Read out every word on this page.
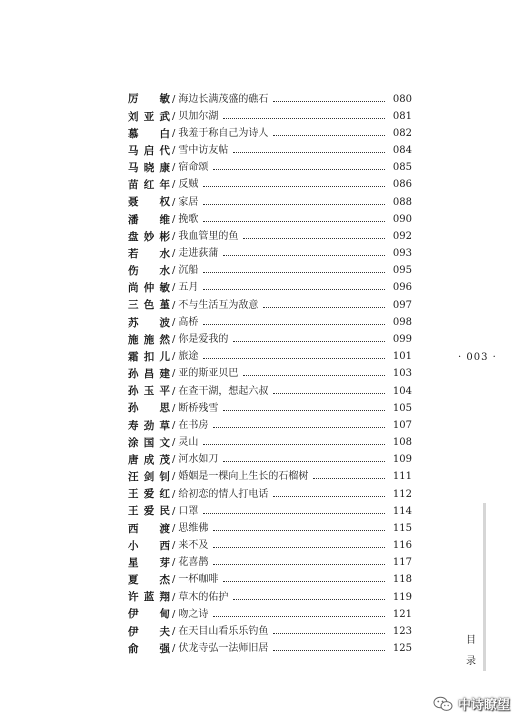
厉 敏 / 海边长满茂盛的礁石	080
刘 亚 武 / 贝加尔湖	081
慕 白 / 我羞于称自己为诗人	082
马 启 代 / 雪中访友帖	084
马 晓 康 / 宿命颂	085
苗 红 年 / 反贼	086
聂 权 / 家居	088
潘 维 / 挽歌	090
盘 妙 彬 / 我血管里的鱼	092
若 水 / 走进荻蒲	093
伤 水 / 沉船	095
尚 仲 敏 / 五月	096
三 色 堇 / 不与生活互为敌意	097
苏 波 / 高桥	098
施 施 然 / 你是爱我的	099
霜 扣 儿 / 旅途	101
孙 昌 建 / 亚的斯亚贝巴	103
孙 玉 平 / 在查干湖，想起六叔	104
孙 思 / 断桥残雪	105
寿 劲 草 / 在书房	107
涂 国 文 / 灵山	108
唐 成 茂 / 河水如刀	109
汪 剑 钊 / 婚姻是一棵向上生长的石榴树	111
王 爱 红 / 给初恋的情人打电话	112
王 爱 民 / 口罩	114
西 渡 / 思维佛	115
小 西 / 来不及	116
星 芽 / 花喜鹊	117
夏 杰 / 一杯咖啡	118
许 蓝 翔 / 草木的佑护	119
伊 甸 / 吻之诗	121
伊 夫 / 在天目山看乐乐钓鱼	123
俞 强 / 伏龙寺弘一法师旧居	125
· 003 ·
目
录
中诗瞭望
